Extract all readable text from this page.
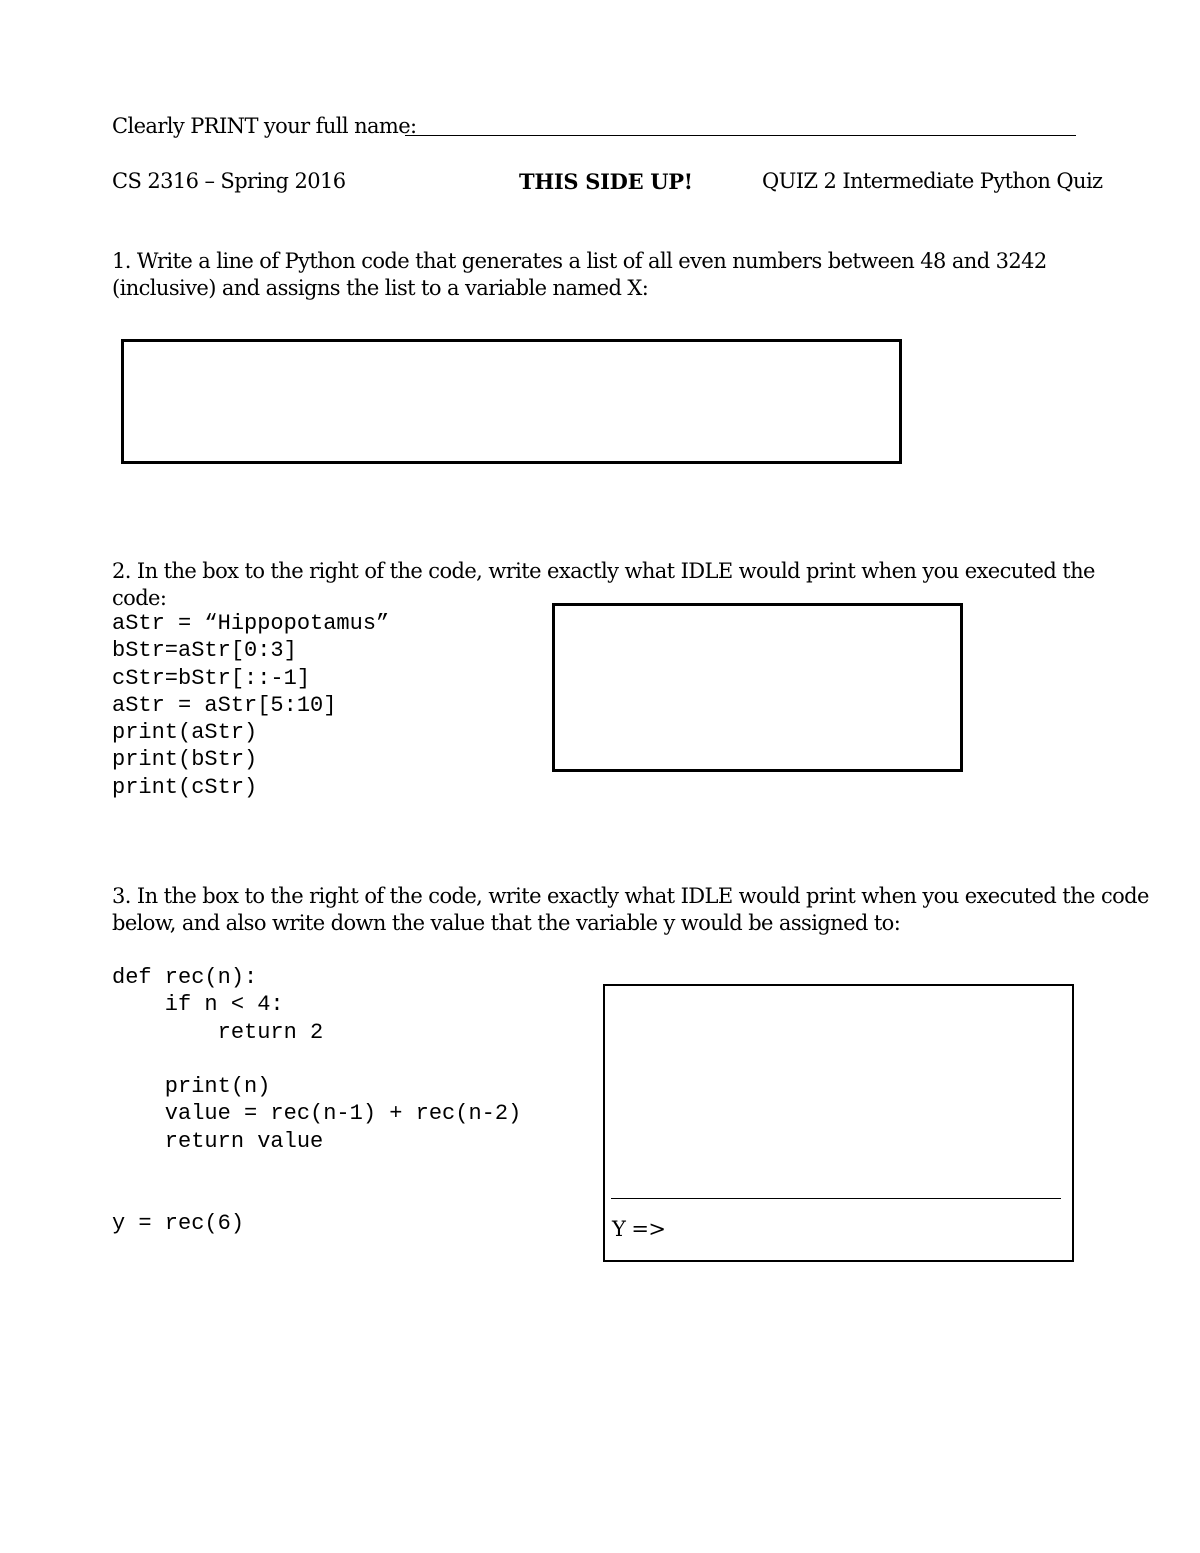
Clearly PRINT your full name:
CS 2316 – Spring 2016	THIS SIDE UP!	QUIZ 2 Intermediate Python Quiz
1. Write a line of Python code that generates a list of all even numbers between 48 and 3242
(inclusive) and assigns the list to a variable named X:
2. In the box to the right of the code, write exactly what IDLE would print when you executed the
code:
aStr = “Hippopotamus”
bStr=aStr[0:3]
cStr=bStr[::-1]
aStr = aStr[5:10]
print(aStr)
print(bStr)
print(cStr)
3. In the box to the right of the code, write exactly what IDLE would print when you executed the code
below, and also write down the value that the variable y would be assigned to:
def rec(n):
if n < 4:
return 2

print(n)
value = rec(n-1) + rec(n-2)
return value

y = rec(6)	Y =>
